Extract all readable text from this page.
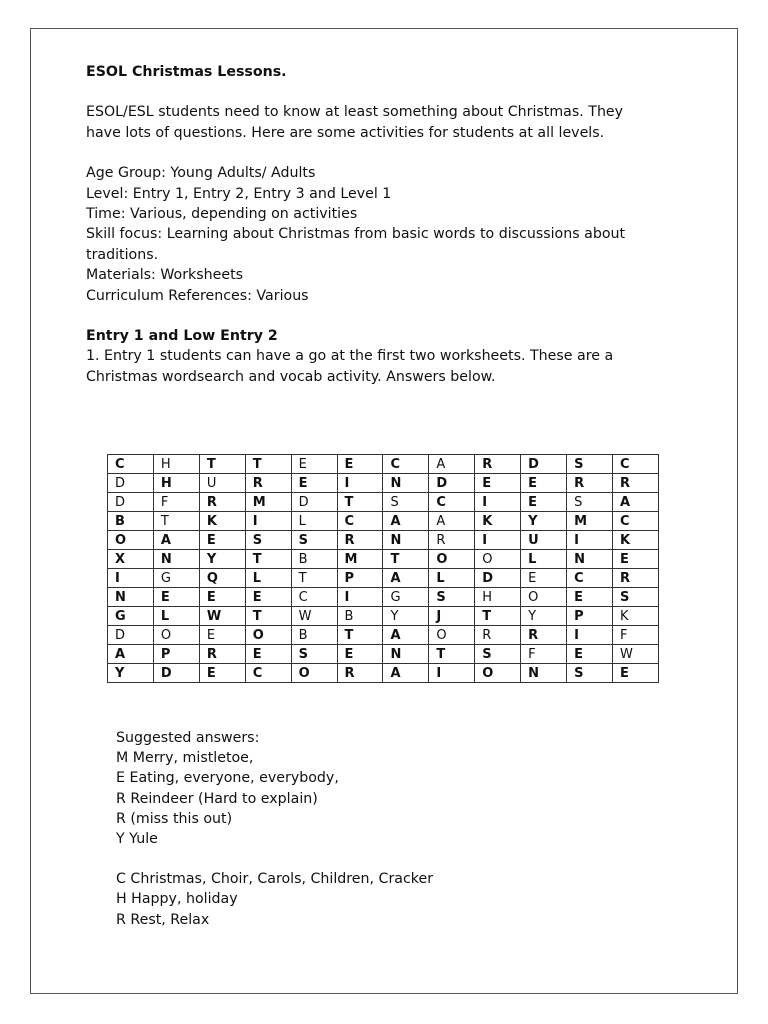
ESOL Christmas Lessons.

ESOL/ESL students need to know at least something about Christmas. They have lots of questions. Here are some activities for students at all levels.

Age Group: Young Adults/ Adults

Level: Entry 1, Entry 2, Entry 3 and Level 1

Time: Various, depending on activities

Skill focus: Learning about Christmas from basic words to discussions about traditions.

Materials: Worksheets

Curriculum References: Various

Entry 1 and Low Entry 2

1. Entry 1 students can have a go at the first two worksheets. These are a Christmas wordsearch and vocab activity. Answers below.

C	H	T	T	E	E	C	A	R	D	S	C
D	H	U	R	E	I	N	D	E	E	R	R
D	F	R	M	D	T	S	C	I	E	S	A
B	T	K	I	L	C	A	A	K	Y	M	C
O	A	E	S	S	R	N	R	I	U	I	K
X	N	Y	T	B	M	T	O	O	L	N	E
I	G	Q	L	T	P	A	L	D	E	C	R
N	E	E	E	C	I	G	S	H	O	E	S
G	L	W	T	W	B	Y	J	T	Y	P	K
D	O	E	O	B	T	A	O	R	R	I	F
A	P	R	E	S	E	N	T	S	F	E	W
Y	D	E	C	O	R	A	I	O	N	S	E

Suggested answers:

M Merry, mistletoe,

E Eating, everyone, everybody,

R Reindeer (Hard to explain)

R (miss this out)

Y Yule

C Christmas, Choir, Carols, Children, Cracker

H Happy, holiday

R Rest, Relax
